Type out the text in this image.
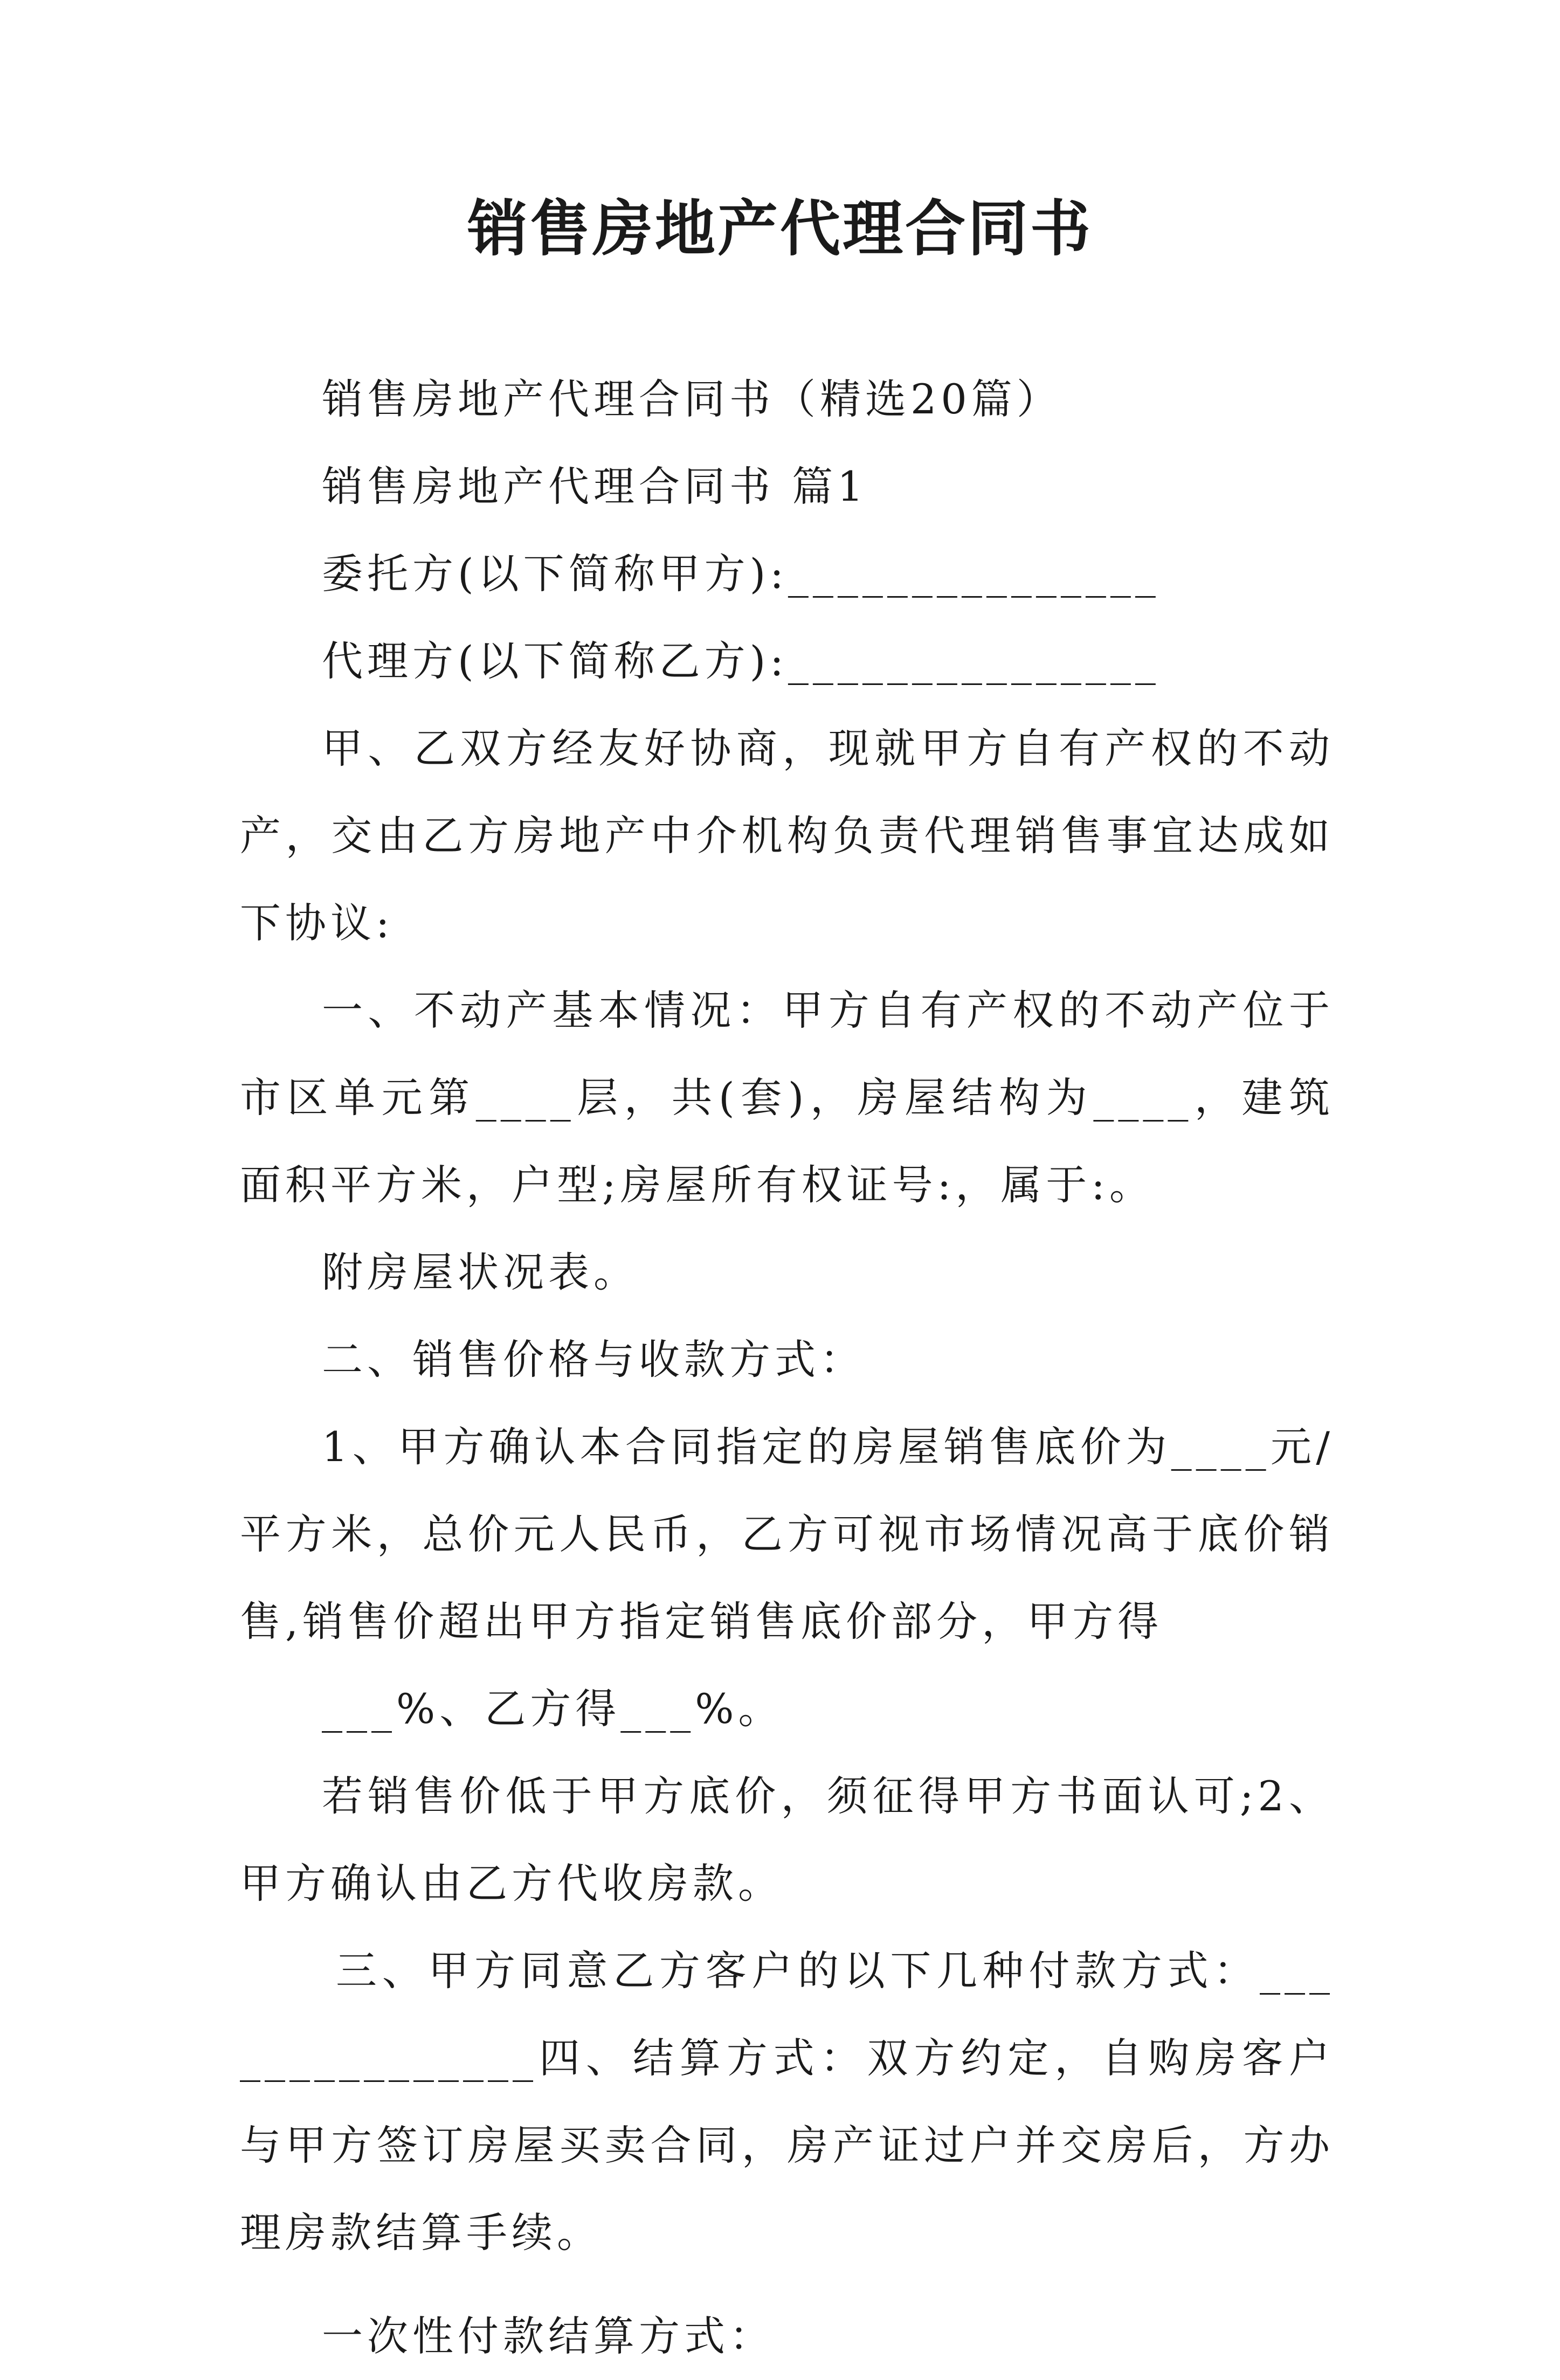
销售房地产代理合同书

销售房地产代理合同书（精选20篇）

销售房地产代理合同书 篇1

委托方(以下简称甲方):_______________

代理方(以下简称乙方):_______________

甲、乙双方经友好协商，现就甲方自有产权的不动产，交由乙方房地产中介机构负责代理销售事宜达成如下协议:

一、不动产基本情况：甲方自有产权的不动产位于市区单元第____层，共(套)，房屋结构为____，建筑面积平方米，户型;房屋所有权证号:，属于:。

附房屋状况表。

二、销售价格与收款方式：

1、甲方确认本合同指定的房屋销售底价为____元/平方米，总价元人民币，乙方可视市场情况高于底价销售,销售价超出甲方指定销售底价部分，甲方得

___%、乙方得___%。

若销售价低于甲方底价，须征得甲方书面认可;2、甲方确认由乙方代收房款。

三、甲方同意乙方客户的以下几种付款方式：_______________四、结算方式：双方约定，自购房客户与甲方签订房屋买卖合同，房产证过户并交房后，方办理房款结算手续。

一次性付款结算方式：
